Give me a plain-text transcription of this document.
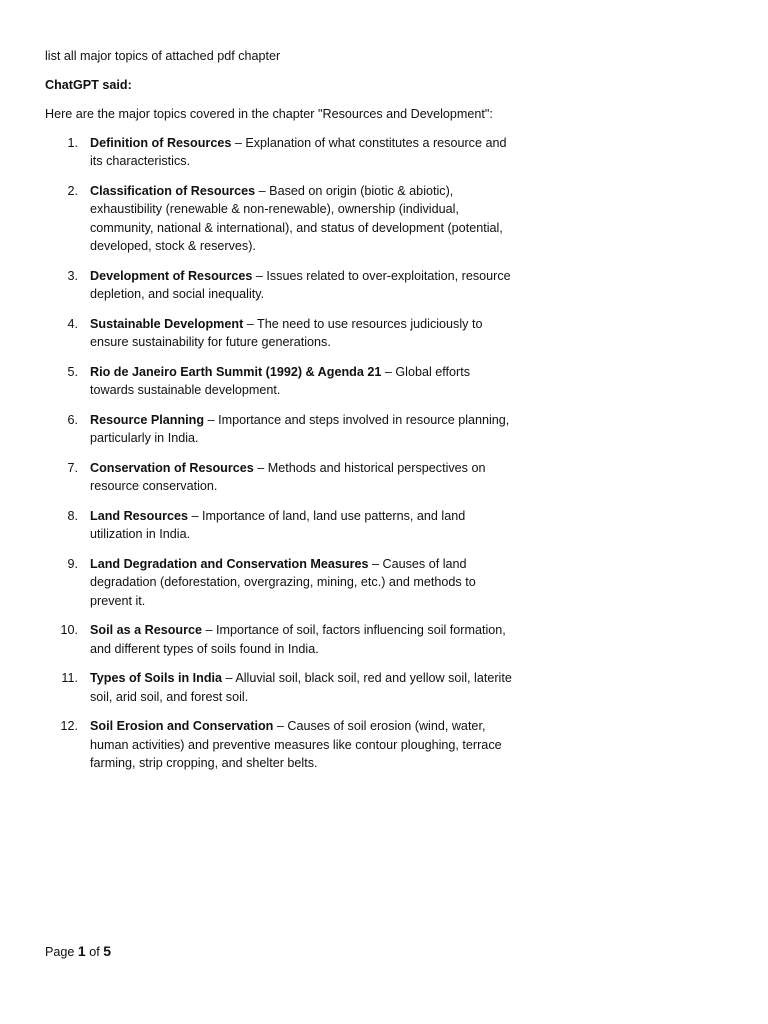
list all major topics of attached pdf chapter

ChatGPT said:

Here are the major topics covered in the chapter "Resources and Development":

1. Definition of Resources – Explanation of what constitutes a resource and its characteristics.
2. Classification of Resources – Based on origin (biotic & abiotic), exhaustibility (renewable & non-renewable), ownership (individual, community, national & international), and status of development (potential, developed, stock & reserves).
3. Development of Resources – Issues related to over-exploitation, resource depletion, and social inequality.
4. Sustainable Development – The need to use resources judiciously to ensure sustainability for future generations.
5. Rio de Janeiro Earth Summit (1992) & Agenda 21 – Global efforts towards sustainable development.
6. Resource Planning – Importance and steps involved in resource planning, particularly in India.
7. Conservation of Resources – Methods and historical perspectives on resource conservation.
8. Land Resources – Importance of land, land use patterns, and land utilization in India.
9. Land Degradation and Conservation Measures – Causes of land degradation (deforestation, overgrazing, mining, etc.) and methods to prevent it.
10. Soil as a Resource – Importance of soil, factors influencing soil formation, and different types of soils found in India.
11. Types of Soils in India – Alluvial soil, black soil, red and yellow soil, laterite soil, arid soil, and forest soil.
12. Soil Erosion and Conservation – Causes of soil erosion (wind, water, human activities) and preventive measures like contour ploughing, terrace farming, strip cropping, and shelter belts.
Page 1 of 5
